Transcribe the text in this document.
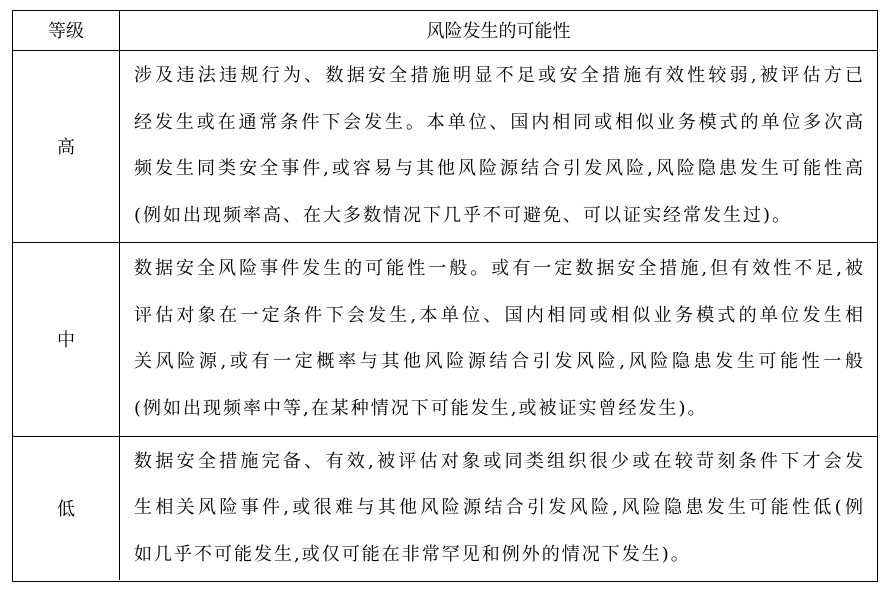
等级	风险发生的可能性
高
涉及违法违规行为、数据安全措施明显不足或安全措施有效性较弱,被评估方已
经发生或在通常条件下会发生。本单位、国内相同或相似业务模式的单位多次高
频发生同类安全事件,或容易与其他风险源结合引发风险,风险隐患发生可能性高
(例如出现频率高、在大多数情况下几乎不可避免、可以证实经常发生过)。
中
数据安全风险事件发生的可能性一般。或有一定数据安全措施,但有效性不足,被
评估对象在一定条件下会发生,本单位、国内相同或相似业务模式的单位发生相
关风险源,或有一定概率与其他风险源结合引发风险,风险隐患发生可能性一般
(例如出现频率中等,在某种情况下可能发生,或被证实曾经发生)。
低
数据安全措施完备、有效,被评估对象或同类组织很少或在较苛刻条件下才会发
生相关风险事件,或很难与其他风险源结合引发风险,风险隐患发生可能性低(例
如几乎不可能发生,或仅可能在非常罕见和例外的情况下发生)。
